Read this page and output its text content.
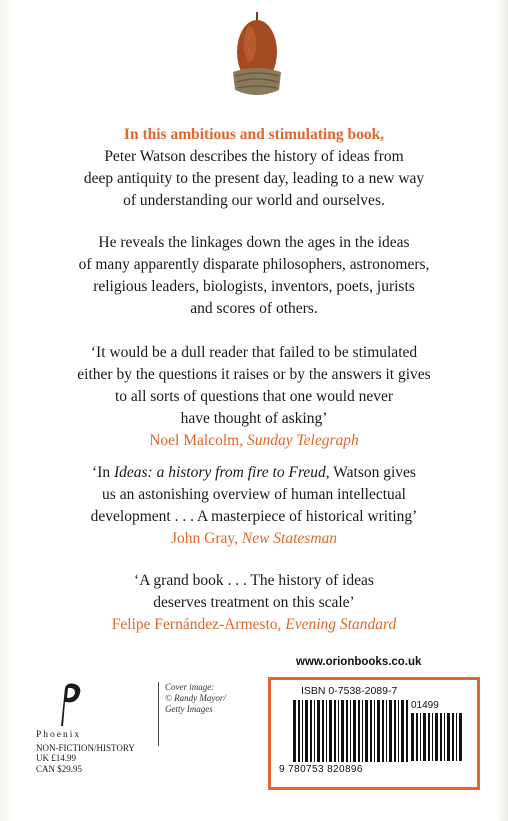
In this ambitious and stimulating book,

Peter Watson describes the history of ideas from

deep antiquity to the present day, leading to a new way

of understanding our world and ourselves.

He reveals the linkages down the ages in the ideas

of many apparently disparate philosophers, astronomers,

religious leaders, biologists, inventors, poets, jurists

and scores of others.

‘It would be a dull reader that failed to be stimulated

either by the questions it raises or by the answers it gives

to all sorts of questions that one would never

have thought of asking’

Noel Malcolm, Sunday Telegraph

‘In Ideas: a history from fire to Freud, Watson gives

us an astonishing overview of human intellectual

development . . . A masterpiece of historical writing’

John Gray, New Statesman

‘A grand book . . . The history of ideas

deserves treatment on this scale’

Felipe Fernández-Armesto, Evening Standard

www.orionbooks.co.uk
Phoenix
NON-FICTION/HISTORY
UK £14.99
CAN $29.95
Cover image:
© Randy Mayor/
Getty Images
ISBN 0-7538-2089-7
01499
9 780753 820896
